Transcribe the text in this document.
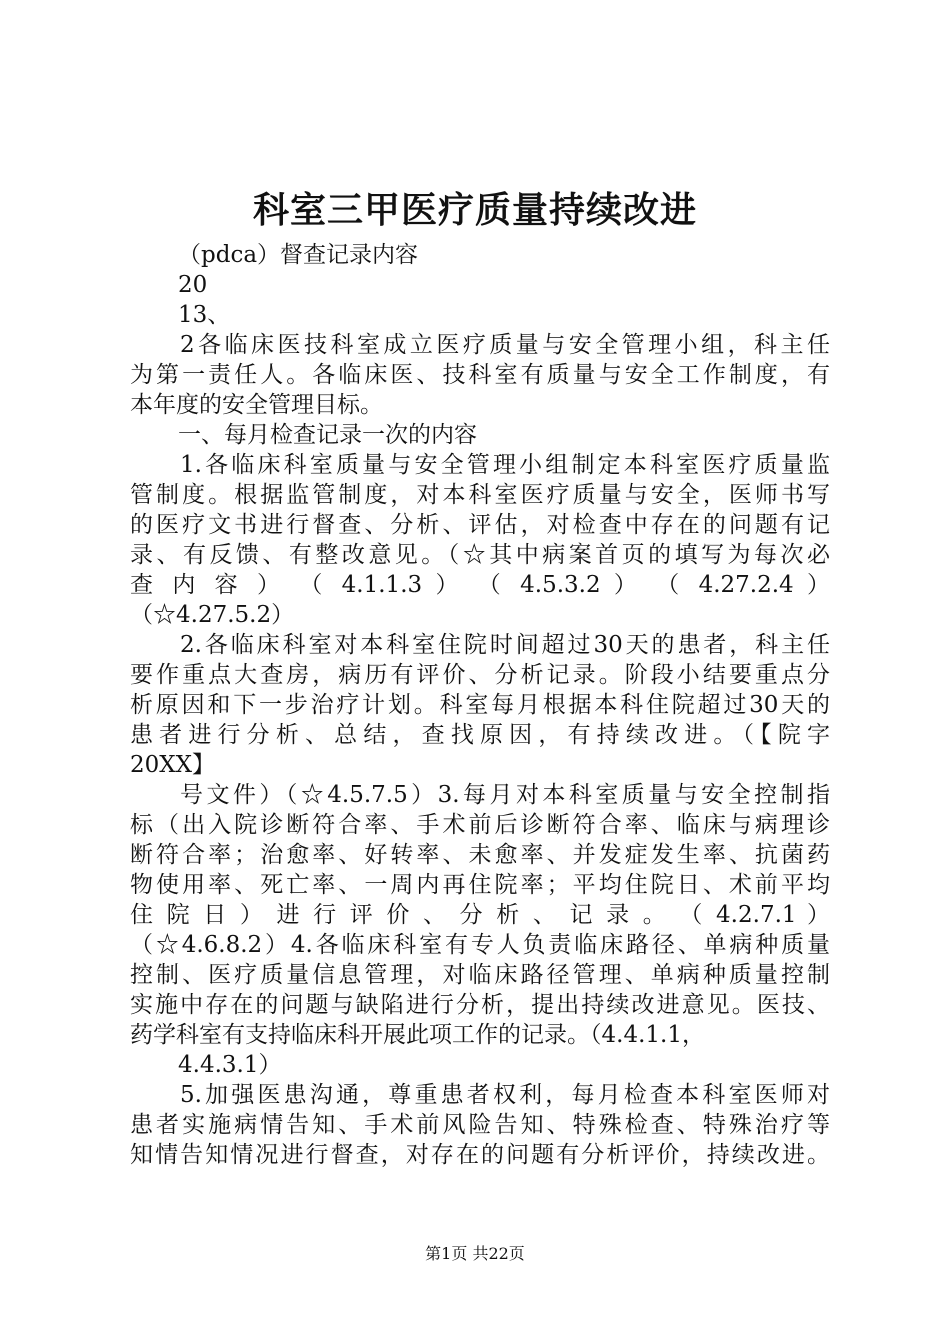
科室三甲医疗质量持续改进
（pdca）督查记录内容
20
13、
2各临床医技科室成立医疗质量与安全管理小组，科主任
为第一责任人。各临床医、技科室有质量与安全工作制度，有
本年度的安全管理目标。
一、每月检查记录一次的内容
1.各临床科室质量与安全管理小组制定本科室医疗质量监
管制度。根据监管制度，对本科室医疗质量与安全，医师书写
的医疗文书进行督查、分析、评估，对检查中存在的问题有记
录、有反馈、有整改意见。（☆其中病案首页的填写为每次必
查 内 容 ） （ 4.1.1.3 ） （ 4.5.3.2 ） （ 4.27.2.4 ）
（☆4.27.5.2）
2.各临床科室对本科室住院时间超过30天的患者，科主任
要作重点大查房，病历有评价、分析记录。阶段小结要重点分
析原因和下一步治疗计划。科室每月根据本科住院超过30天的
患者进行分析、总结，查找原因，有持续改进。（【院字
20XX】
号文件）（☆4.5.7.5）3.每月对本科室质量与安全控制指
标（出入院诊断符合率、手术前后诊断符合率、临床与病理诊
断符合率；治愈率、好转率、未愈率、并发症发生率、抗菌药
物使用率、死亡率、一周内再住院率；平均住院日、术前平均
住 院 日 ） 进 行 评 价 、 分 析 、 记 录 。 （ 4.2.7.1 ）
（☆4.6.8.2）4.各临床科室有专人负责临床路径、单病种质量
控制、医疗质量信息管理，对临床路径管理、单病种质量控制
实施中存在的问题与缺陷进行分析，提出持续改进意见。医技、
药学科室有支持临床科开展此项工作的记录。（4.4.1.1，
4.4.3.1）
5.加强医患沟通，尊重患者权利，每月检查本科室医师对
患者实施病情告知、手术前风险告知、特殊检查、特殊治疗等
知情告知情况进行督查，对存在的问题有分析评价，持续改进。
第1页 共22页
